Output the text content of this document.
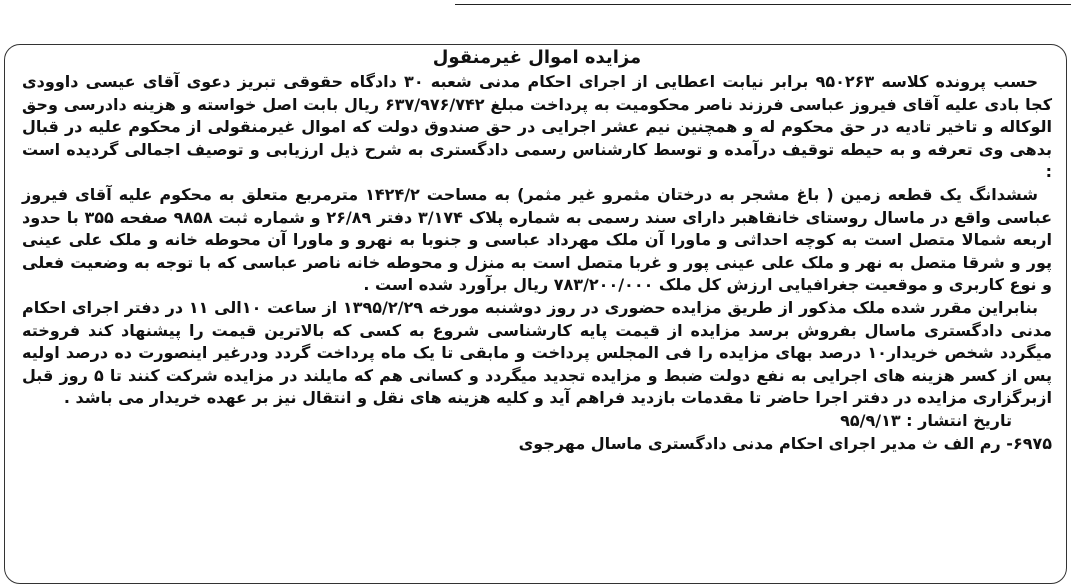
مزایده اموال غیرمنقول

حسب پرونده کلاسه ۹۵۰۲۶۳ برابر نیابت اعطایی از اجرای احکام مدنی شعبه ۳۰ دادگاه حقوقی تبریز دعوی آقای عیسی داوودی کجا بادی علیه آقای فیروز عباسی فرزند ناصر محکومیت به پرداخت مبلغ ۶۳۷/۹۷۶/۷۴۲ ریال بابت اصل خواسته و هزینه دادرسی وحق الوکاله و تاخیر تادیه در حق محکوم له و همچنین نیم عشر اجرایی در حق صندوق دولت که اموال غیرمنقولی از محکوم علیه در قبال بدهی وی تعرفه و به حیطه توقیف درآمده و توسط کارشناس رسمی دادگستری به شرح ذیل ارزیابی و توصیف اجمالی گردیده است :

ششدانگ یک قطعه زمین ( باغ مشجر به درختان مثمرو غیر مثمر) به مساحت ۱۴۲۴/۲ مترمربع متعلق به محکوم علیه آقای فیروز عباسی واقع در ماسال روستای خانقاهبر دارای سند رسمی به شماره پلاک ۳/۱۷۴ دفتر ۲۶/۸۹ و شماره ثبت ۹۸۵۸ صفحه ۳۵۵ با حدود اربعه شمالا متصل است به کوچه احداثی و ماورا آن ملک مهرداد عباسی و جنوبا به نهرو و ماورا آن محوطه خانه و ملک علی عینی پور و شرقا متصل به نهر و ملک علی عینی پور و غربا متصل است به منزل و محوطه خانه ناصر عباسی که با توجه به وضعیت فعلی و نوع کاربری و موقعیت جغرافیایی ارزش کل ملک ۷۸۳/۲۰۰/۰۰۰ ریال برآورد شده است .

بنابراین مقرر شده ملک مذکور از طریق مزایده حضوری در روز دوشنبه مورخه ۱۳۹۵/۲/۲۹ از ساعت ۱۰الی ۱۱ در دفتر اجرای احکام مدنی دادگستری ماسال بفروش برسد مزایده از قیمت پایه کارشناسی شروع به کسی که بالاترین قیمت را پیشنهاد کند فروخته میگردد شخص خریدار۱۰ درصد بهای مزایده را فی المجلس پرداخت و مابقی تا یک ماه پرداخت گردد ودرغیر اینصورت ده درصد اولیه پس از کسر هزینه های اجرایی به نفع دولت ضبط و مزایده تجدید میگردد و کسانی هم که مایلند در مزایده شرکت کنند تا ۵ روز قبل ازبرگزاری مزایده در دفتر اجرا حاضر تا مقدمات بازدید فراهم آید و کلیه هزینه های نقل و انتقال نیز بر عهده خریدار می باشد .

تاریخ انتشار : ۹۵/۹/۱۳

۶۹۷۵- رم الف ث مدیر اجرای احکام مدنی دادگستری ماسال مهرجوی
